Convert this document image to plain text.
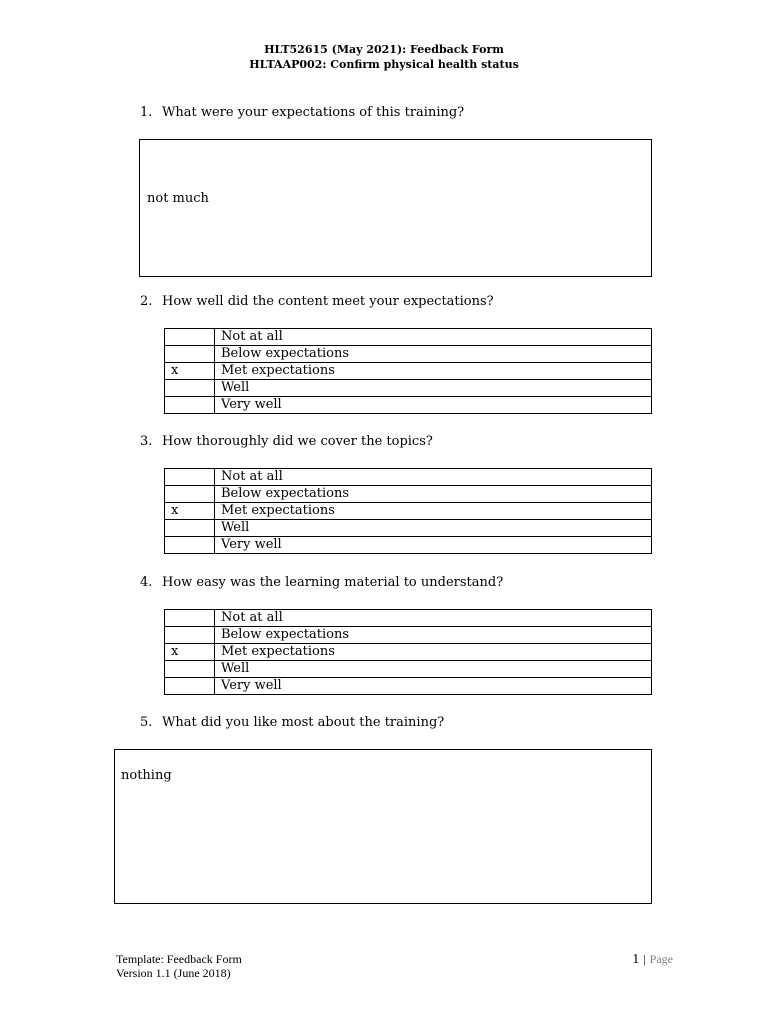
HLT52615 (May 2021): Feedback Form
HLTAAP002: Confirm physical health status
1. What were your expectations of this training?
not much
2. How well did the content meet your expectations?
	Not at all
	Below expectations
x	Met expectations
	Well
	Very well
3. How thoroughly did we cover the topics?
	Not at all
	Below expectations
x	Met expectations
	Well
	Very well
4. How easy was the learning material to understand?
	Not at all
	Below expectations
x	Met expectations
	Well
	Very well
5. What did you like most about the training?
nothing
Template: Feedback Form
Version 1.1 (June 2018)
1 | Page
